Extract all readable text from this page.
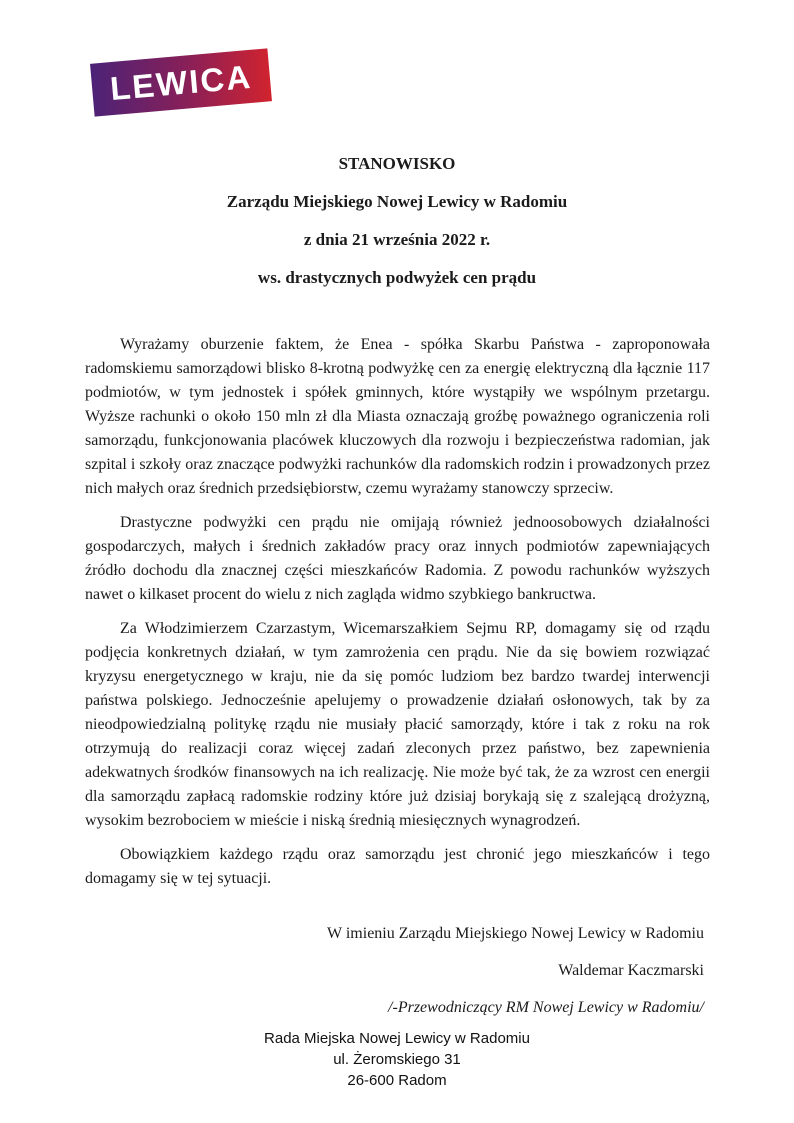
LEWICA
STANOWISKO
Zarządu Miejskiego Nowej Lewicy w Radomiu
z dnia 21 września 2022 r.
ws. drastycznych podwyżek cen prądu

Wyrażamy oburzenie faktem, że Enea - spółka Skarbu Państwa - zaproponowała radomskiemu samorządowi blisko 8-krotną podwyżkę cen za energię elektryczną dla łącznie 117 podmiotów, w tym jednostek i spółek gminnych, które wystąpiły we wspólnym przetargu. Wyższe rachunki o około 150 mln zł dla Miasta oznaczają groźbę poważnego ograniczenia roli samorządu, funkcjonowania placówek kluczowych dla rozwoju i bezpieczeństwa radomian, jak szpital i szkoły oraz znaczące podwyżki rachunków dla radomskich rodzin i prowadzonych przez nich małych oraz średnich przedsiębiorstw, czemu wyrażamy stanowczy sprzeciw.

Drastyczne podwyżki cen prądu nie omijają również jednoosobowych działalności gospodarczych, małych i średnich zakładów pracy oraz innych podmiotów zapewniających źródło dochodu dla znacznej części mieszkańców Radomia. Z powodu rachunków wyższych nawet o kilkaset procent do wielu z nich zagląda widmo szybkiego bankructwa.

Za Włodzimierzem Czarzastym, Wicemarszałkiem Sejmu RP, domagamy się od rządu podjęcia konkretnych działań, w tym zamrożenia cen prądu. Nie da się bowiem rozwiązać kryzysu energetycznego w kraju, nie da się pomóc ludziom bez bardzo twardej interwencji państwa polskiego. Jednocześnie apelujemy o prowadzenie działań osłonowych, tak by za nieodpowiedzialną politykę rządu nie musiały płacić samorządy, które i tak z roku na rok otrzymują do realizacji coraz więcej zadań zleconych przez państwo, bez zapewnienia adekwatnych środków finansowych na ich realizację. Nie może być tak, że za wzrost cen energii dla samorządu zapłacą radomskie rodziny które już dzisiaj borykają się z szalejącą drożyzną, wysokim bezrobociem w mieście i niską średnią miesięcznych wynagrodzeń.

Obowiązkiem każdego rządu oraz samorządu jest chronić jego mieszkańców i tego domagamy się w tej sytuacji.

W imieniu Zarządu Miejskiego Nowej Lewicy w Radomiu
Waldemar Kaczmarski
/-Przewodniczący RM Nowej Lewicy w Radomiu/
Rada Miejska Nowej Lewicy w Radomiu
ul. Żeromskiego 31
26-600 Radom
